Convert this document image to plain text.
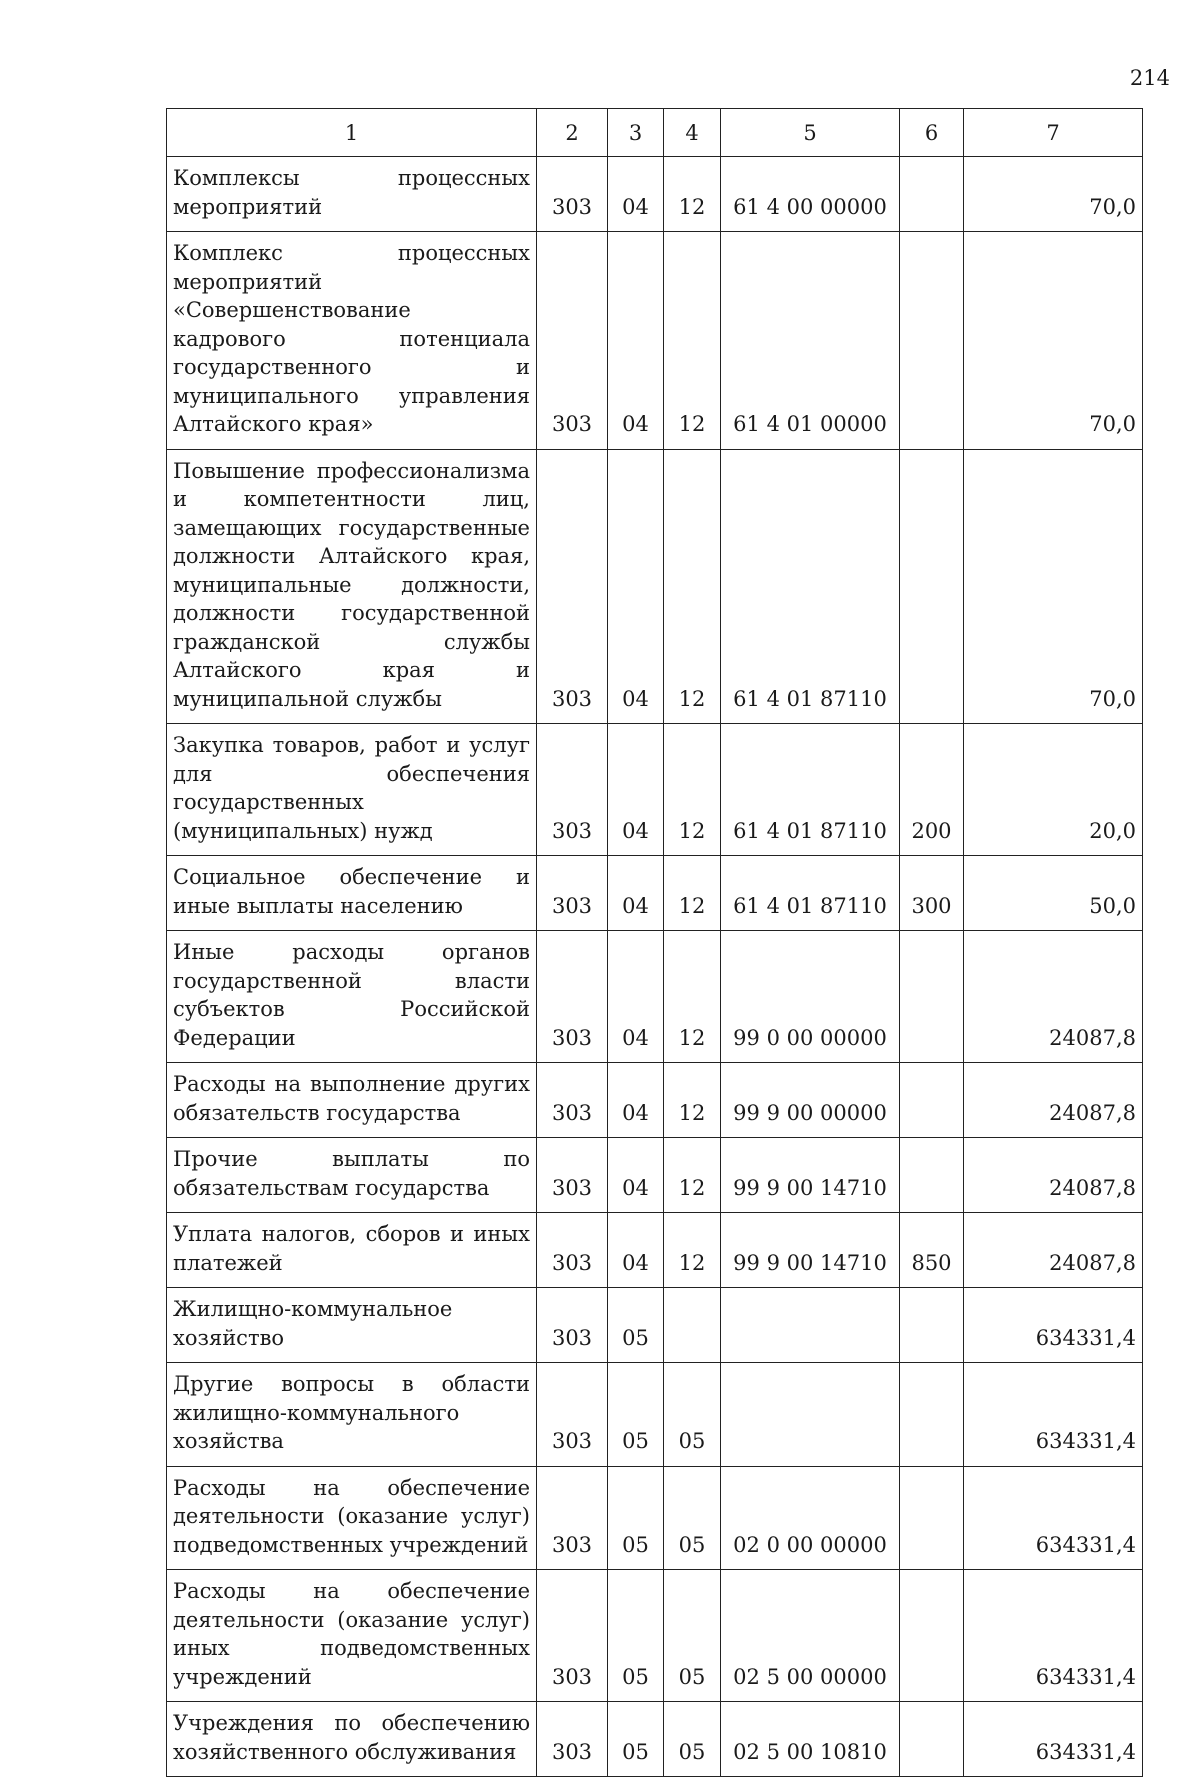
214
1	2	3	4	5	6	7
Комплексы процессных мероприятий	303	04	12	61 4 00 00000		70,0
Комплекс процессных мероприятий «Совершенствование кадрового потенциала государственного и муниципального управления Алтайского края»	303	04	12	61 4 01 00000		70,0
Повышение профессионализма и компетентности лиц, замещающих государственные должности Алтайского края, муниципальные должности, должности государственной гражданской службы Алтайского края и муниципальной службы	303	04	12	61 4 01 87110		70,0
Закупка товаров, работ и услуг для обеспечения государственных (муниципальных) нужд	303	04	12	61 4 01 87110	200	20,0
Социальное обеспечение и иные выплаты населению	303	04	12	61 4 01 87110	300	50,0
Иные расходы органов государственной власти субъектов Российской Федерации	303	04	12	99 0 00 00000		24087,8
Расходы на выполнение других обязательств государства	303	04	12	99 9 00 00000		24087,8
Прочие выплаты по обязательствам государства	303	04	12	99 9 00 14710		24087,8
Уплата налогов, сборов и иных платежей	303	04	12	99 9 00 14710	850	24087,8
Жилищно-коммунальное хозяйство	303	05				634331,4
Другие вопросы в области жилищно-коммунального хозяйства	303	05	05			634331,4
Расходы на обеспечение деятельности (оказание услуг) подведомственных учреждений	303	05	05	02 0 00 00000		634331,4
Расходы на обеспечение деятельности (оказание услуг) иных подведомственных учреждений	303	05	05	02 5 00 00000		634331,4
Учреждения по обеспечению хозяйственного обслуживания	303	05	05	02 5 00 10810		634331,4
